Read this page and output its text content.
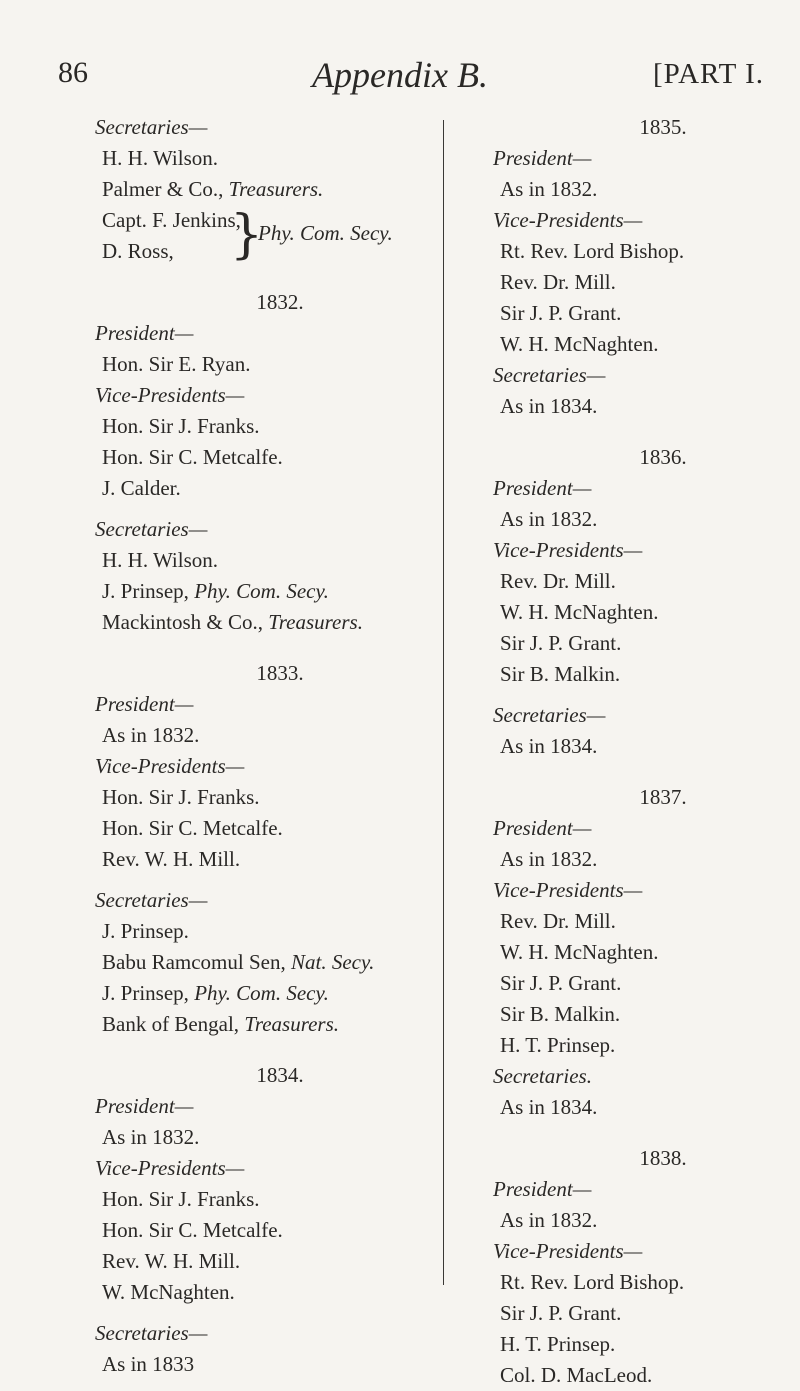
86	Appendix B.	[PART I.
Secretaries—
H. H. Wilson.
Palmer & Co., Treasurers.
Capt. F. Jenkins,
D. Ross, }
Phy. Com. Secy.
1832.
President—
Hon. Sir E. Ryan.
Vice-Presidents—
Hon. Sir J. Franks.
Hon. Sir C. Metcalfe.
J. Calder.
Secretaries—
H. H. Wilson.
J. Prinsep, Phy. Com. Secy.
Mackintosh & Co., Treasurers.
1833.
President—
As in 1832.
Vice-Presidents—
Hon. Sir J. Franks.
Hon. Sir C. Metcalfe.
Rev. W. H. Mill.
Secretaries—
J. Prinsep.
Babu Ramcomul Sen, Nat. Secy.
J. Prinsep, Phy. Com. Secy.
Bank of Bengal, Treasurers.
1834.
President—
As in 1832.
Vice-Presidents—
Hon. Sir J. Franks.
Hon. Sir C. Metcalfe.
Rev. W. H. Mill.
W. McNaghten.
Secretaries—
As in 1833
1835.
President—
As in 1832.
Vice-Presidents—
Rt. Rev. Lord Bishop.
Rev. Dr. Mill.
Sir J. P. Grant.
W. H. McNaghten.
Secretaries—
As in 1834.
1836.
President—
As in 1832.
Vice-Presidents—
Rev. Dr. Mill.
W. H. McNaghten.
Sir J. P. Grant.
Sir B. Malkin.
Secretaries—
As in 1834.
1837.
President—
As in 1832.
Vice-Presidents—
Rev. Dr. Mill.
W. H. McNaghten.
Sir J. P. Grant.
Sir B. Malkin.
H. T. Prinsep.
Secretaries.
As in 1834.
1838.
President—
As in 1832.
Vice-Presidents—
Rt. Rev. Lord Bishop.
Sir J. P. Grant.
H. T. Prinsep.
Col. D. MacLeod.
